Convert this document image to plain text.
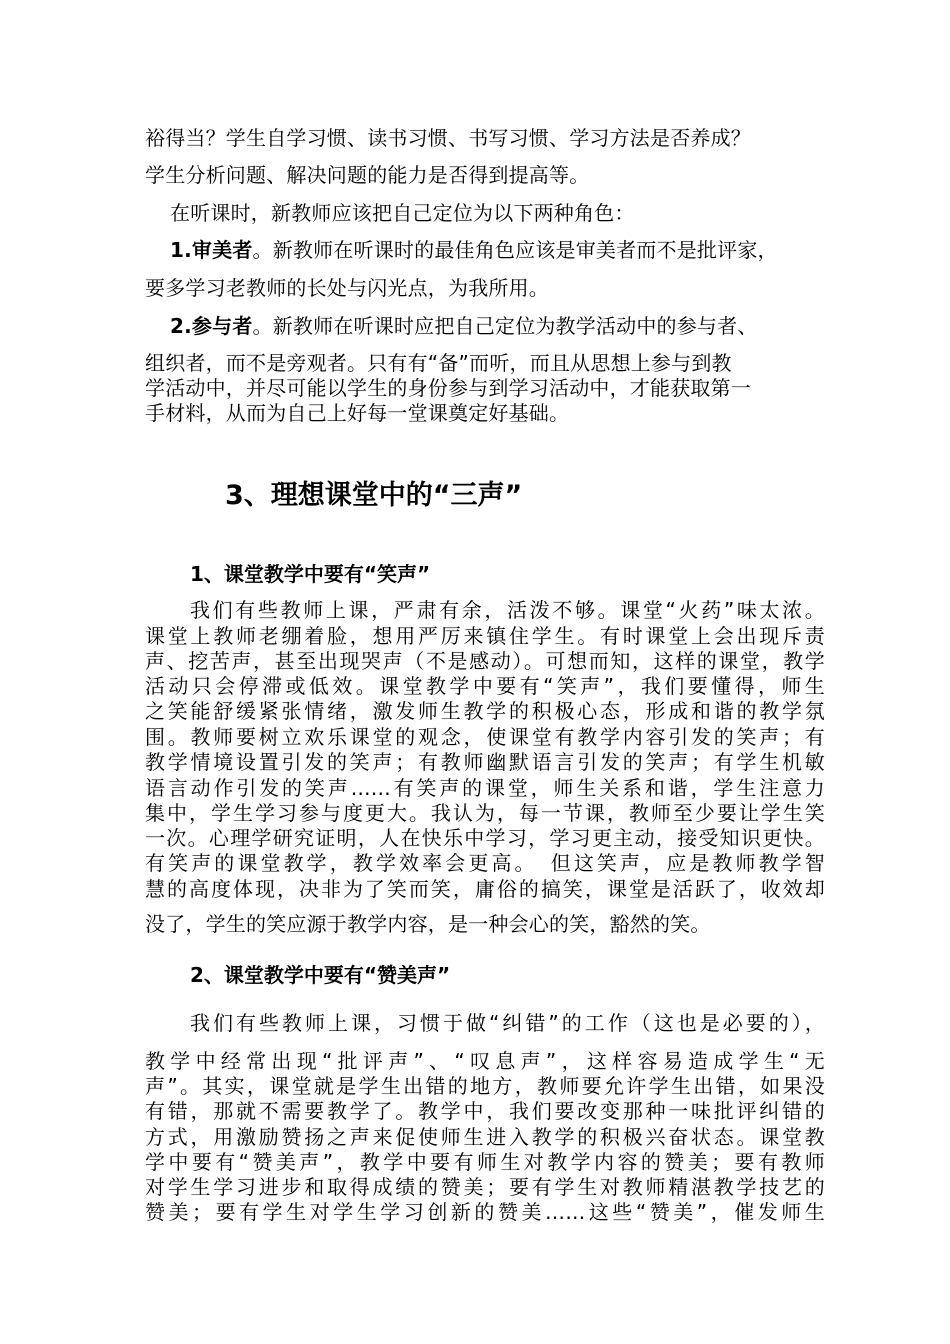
裕得当？学生自学习惯、读书习惯、书写习惯、学习方法是否养成？
学生分析问题、解决问题的能力是否得到提高等。
在听课时，新教师应该把自己定位为以下两种角色：
1.审美者。新教师在听课时的最佳角色应该是审美者而不是批评家，
要多学习老教师的长处与闪光点，为我所用。
2.参与者。新教师在听课时应把自己定位为教学活动中的参与者、
组织者，而不是旁观者。只有有“备”而听，而且从思想上参与到教
学活动中，并尽可能以学生的身份参与到学习活动中，才能获取第一
手材料，从而为自己上好每一堂课奠定好基础。
3、理想课堂中的“三声”
1、课堂教学中要有“笑声”
我们有些教师上课，严肃有余，活泼不够。课堂“火药”味太浓。
课堂上教师老绷着脸，想用严厉来镇住学生。有时课堂上会出现斥责
声、挖苦声，甚至出现哭声（不是感动）。可想而知，这样的课堂，教学
活动只会停滞或低效。课堂教学中要有“笑声”，我们要懂得，师生
之笑能舒缓紧张情绪，激发师生教学的积极心态，形成和谐的教学氛
围。教师要树立欢乐课堂的观念，使课堂有教学内容引发的笑声；有
教学情境设置引发的笑声；有教师幽默语言引发的笑声；有学生机敏
语言动作引发的笑声……有笑声的课堂，师生关系和谐，学生注意力
集中，学生学习参与度更大。我认为，每一节课，教师至少要让学生笑
一次。心理学研究证明，人在快乐中学习，学习更主动，接受知识更快。
有笑声的课堂教学，教学效率会更高。　但这笑声，应是教师教学智
慧的高度体现，决非为了笑而笑，庸俗的搞笑，课堂是活跃了，收效却
没了，学生的笑应源于教学内容，是一种会心的笑，豁然的笑。
2、课堂教学中要有“赞美声”
我们有些教师上课，习惯于做“纠错”的工作（这也是必要的），
教学中经常出现“批评声”、“叹息声”，这样容易造成学生“无
声”。其实，课堂就是学生出错的地方，教师要允许学生出错，如果没
有错，那就不需要教学了。教学中，我们要改变那种一味批评纠错的
方式，用激励赞扬之声来促使师生进入教学的积极兴奋状态。课堂教
学中要有“赞美声”，教学中要有师生对教学内容的赞美；要有教师
对学生学习进步和取得成绩的赞美；要有学生对教师精湛教学技艺的
赞美；要有学生对学生学习创新的赞美……这些“赞美”，催发师生
